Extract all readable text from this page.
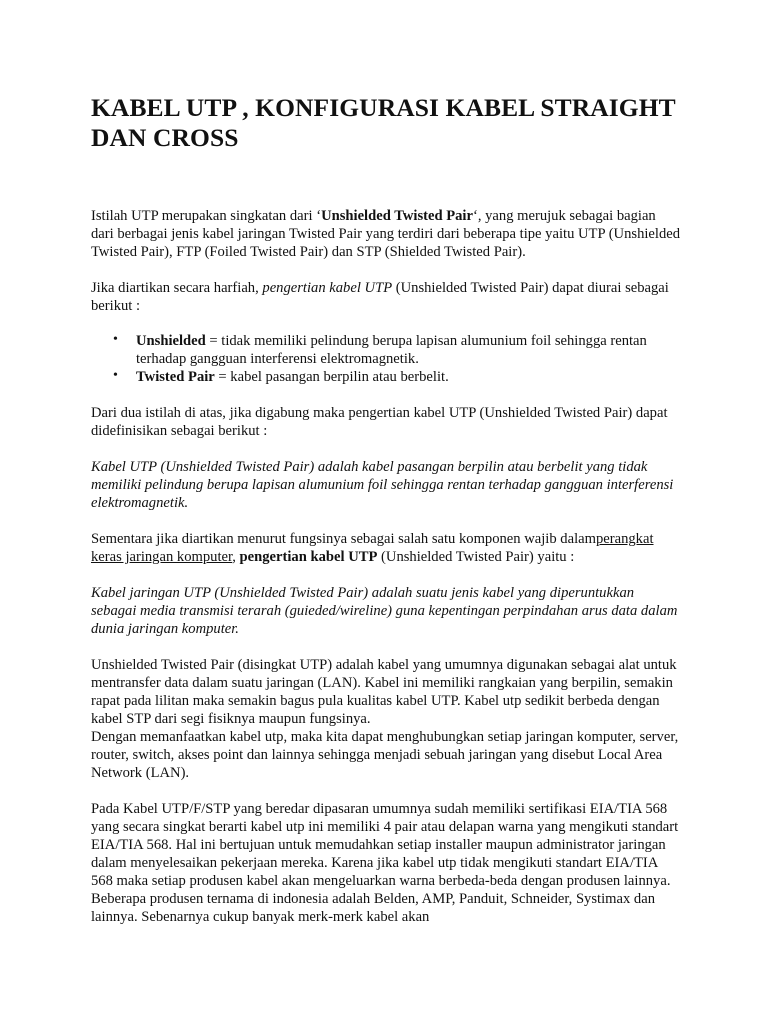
KABEL UTP , KONFIGURASI KABEL STRAIGHT DAN CROSS

Istilah UTP merupakan singkatan dari ‘Unshielded Twisted Pair‘, yang merujuk sebagai bagian dari berbagai jenis kabel jaringan Twisted Pair yang terdiri dari beberapa tipe yaitu UTP (Unshielded Twisted Pair), FTP (Foiled Twisted Pair) dan STP (Shielded Twisted Pair).

Jika diartikan secara harfiah, pengertian kabel UTP (Unshielded Twisted Pair) dapat diurai sebagai berikut :

• Unshielded = tidak memiliki pelindung berupa lapisan alumunium foil sehingga rentan terhadap gangguan interferensi elektromagnetik.

• Twisted Pair = kabel pasangan berpilin atau berbelit.

Dari dua istilah di atas, jika digabung maka pengertian kabel UTP (Unshielded Twisted Pair) dapat didefinisikan sebagai berikut :

Kabel UTP (Unshielded Twisted Pair) adalah kabel pasangan berpilin atau berbelit yang tidak memiliki pelindung berupa lapisan alumunium foil sehingga rentan terhadap gangguan interferensi elektromagnetik.

Sementara jika diartikan menurut fungsinya sebagai salah satu komponen wajib dalamperangkat keras jaringan komputer, pengertian kabel UTP (Unshielded Twisted Pair) yaitu :

Kabel jaringan UTP (Unshielded Twisted Pair) adalah suatu jenis kabel yang diperuntukkan sebagai media transmisi terarah (guieded/wireline) guna kepentingan perpindahan arus data dalam dunia jaringan komputer.

Unshielded Twisted Pair (disingkat UTP) adalah kabel yang umumnya digunakan sebagai alat untuk mentransfer data dalam suatu jaringan (LAN). Kabel ini memiliki rangkaian yang berpilin, semakin rapat pada lilitan maka semakin bagus pula kualitas kabel UTP. Kabel utp sedikit berbeda dengan kabel STP dari segi fisiknya maupun fungsinya.
Dengan memanfaatkan kabel utp, maka kita dapat menghubungkan setiap jaringan komputer, server, router, switch, akses point dan lainnya sehingga menjadi sebuah jaringan yang disebut Local Area Network (LAN).

Pada Kabel UTP/F/STP yang beredar dipasaran umumnya sudah memiliki sertifikasi EIA/TIA 568 yang secara singkat berarti kabel utp ini memiliki 4 pair atau delapan warna yang mengikuti standart EIA/TIA 568. Hal ini bertujuan untuk memudahkan setiap installer maupun administrator jaringan dalam menyelesaikan pekerjaan mereka. Karena jika kabel utp tidak mengikuti standart EIA/TIA 568 maka setiap produsen kabel akan mengeluarkan warna berbeda-beda dengan produsen lainnya. Beberapa produsen ternama di indonesia adalah Belden, AMP, Panduit, Schneider, Systimax dan lainnya. Sebenarnya cukup banyak merk-merk kabel akan
